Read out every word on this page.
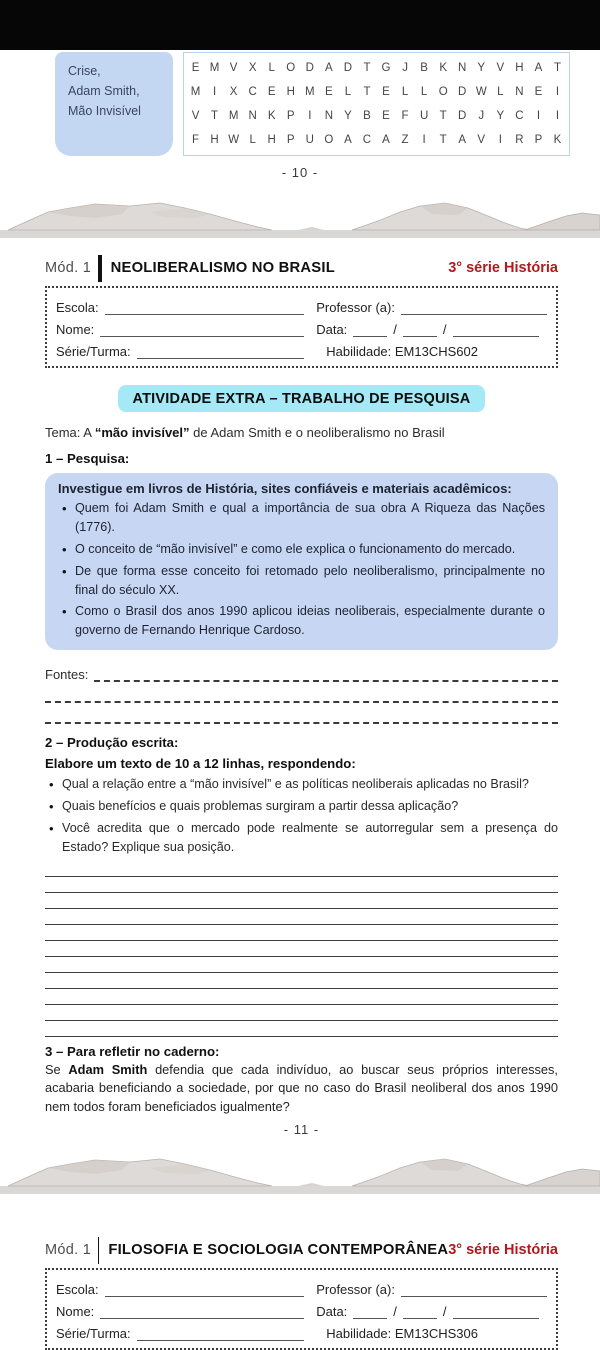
Crise,
Adam Smith,
Mão Invisível
E M V X	L O D A D T G	J	B K N Y V H A	T
M	I	X C E H M E	L	T	E	L	L O D W L	N E	I
V	T M N K P	I	N Y B E	F U T D	J	Y C	I	I
F H W L	H P U O A C A	Z	I	T	A V	I	R P K
- 10 -
Mód. 1 NEOLIBERALISMO NO BRASIL	3° série História
Escola:	Professor (a):
Nome:	Data:	/	/
Série/Turma:	Habilidade: EM13CHS602
ATIVIDADE EXTRA – TRABALHO DE PESQUISA
Tema: A “mão invisível” de Adam Smith e o neoliberalismo no Brasil
1 – Pesquisa:
Investigue em livros de História, sites confiáveis e materiais acadêmicos:
• Quem foi Adam Smith e qual a importância de sua obra A Riqueza das Nações (1776).
• O conceito de “mão invisível” e como ele explica o funcionamento do mercado.
• De que forma esse conceito foi retomado pelo neoliberalismo, principalmente no final do século XX.
• Como o Brasil dos anos 1990 aplicou ideias neoliberais, especialmente durante o governo de Fernando Henrique Cardoso.
Fontes:
2 – Produção escrita:
Elabore um texto de 10 a 12 linhas, respondendo:
• Qual a relação entre a “mão invisível” e as políticas neoliberais aplicadas no Brasil?
• Quais benefícios e quais problemas surgiram a partir dessa aplicação?
• Você acredita que o mercado pode realmente se autorregular sem a presença do Estado? Explique sua posição.
3 – Para refletir no caderno:
Se Adam Smith defendia que cada indivíduo, ao buscar seus próprios interesses, acabaria beneficiando a sociedade, por que no caso do Brasil neoliberal dos anos 1990 nem todos foram beneficiados igualmente?
- 11 -
Mód. 1 FILOSOFIA E SOCIOLOGIA CONTEMPORÂNEA 3° série História
Escola:	Professor (a):
Nome:	Data:	/	/
Série/Turma:	Habilidade: EM13CHS306
